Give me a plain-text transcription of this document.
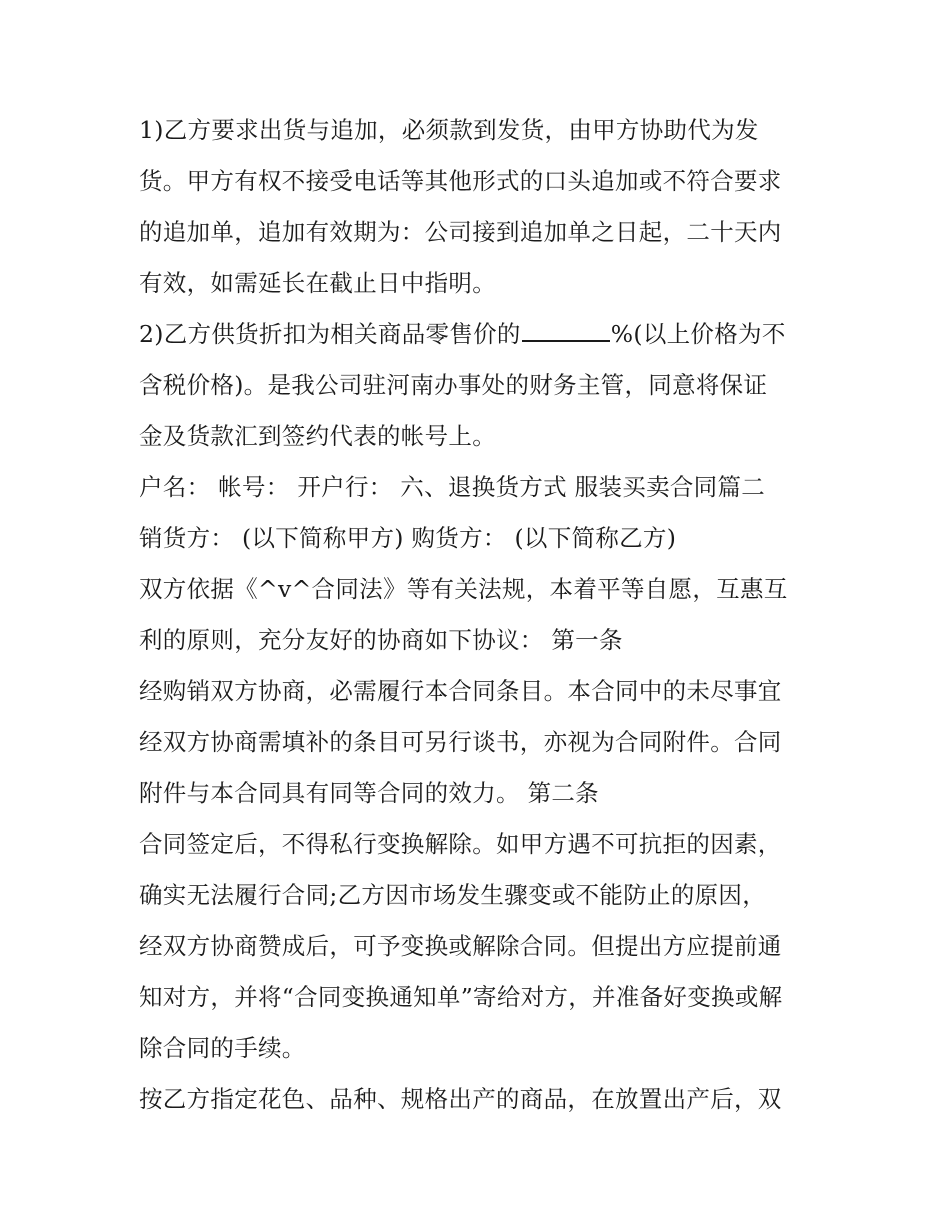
1)乙方要求出货与追加，必须款到发货，由甲方协助代为发
货。甲方有权不接受电话等其他形式的口头追加或不符合要求
的追加单，追加有效期为：公司接到追加单之日起，二十天内
有效，如需延长在截止日中指明。
2)乙方供货折扣为相关商品零售价的	%(以上价格为不
含税价格)。是我公司驻河南办事处的财务主管，同意将保证
金及货款汇到签约代表的帐号上。
户名： 帐号： 开户行： 六、退换货方式 服装买卖合同篇二
销货方： (以下简称甲方) 购货方： (以下简称乙方)
双方依据《^v^合同法》等有关法规，本着平等自愿，互惠互
利的原则，充分友好的协商如下协议： 第一条
经购销双方协商，必需履行本合同条目。本合同中的未尽事宜
经双方协商需填补的条目可另行谈书，亦视为合同附件。合同
附件与本合同具有同等合同的效力。 第二条
合同签定后，不得私行变换解除。如甲方遇不可抗拒的因素，
确实无法履行合同;乙方因市场发生骤变或不能防止的原因，
经双方协商赞成后，可予变换或解除合同。但提出方应提前通
知对方，并将“合同变换通知单”寄给对方，并准备好变换或解
除合同的手续。
按乙方指定花色、品种、规格出产的商品，在放置出产后，双
